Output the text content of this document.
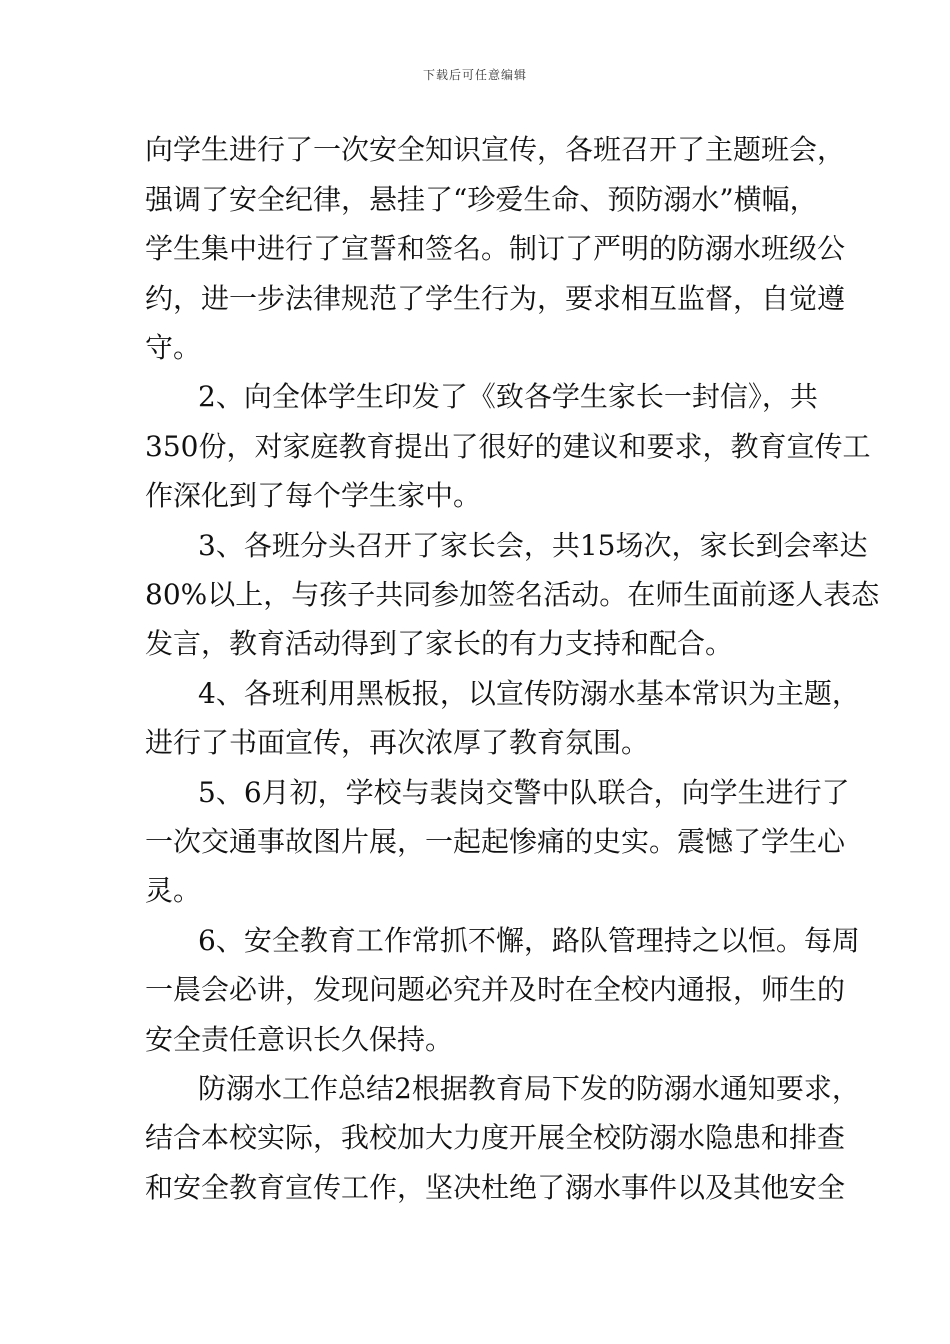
下载后可任意编辑
向学生进行了一次安全知识宣传，各班召开了主题班会，
强调了安全纪律，悬挂了“珍爱生命、预防溺水”横幅，
学生集中进行了宣誓和签名。制订了严明的防溺水班级公
约，进一步法律规范了学生行为，要求相互监督，自觉遵
守。
2、向全体学生印发了《致各学生家长一封信》，共
350份，对家庭教育提出了很好的建议和要求，教育宣传工
作深化到了每个学生家中。
3、各班分头召开了家长会，共15场次，家长到会率达
80%以上，与孩子共同参加签名活动。在师生面前逐人表态
发言，教育活动得到了家长的有力支持和配合。
4、各班利用黑板报，以宣传防溺水基本常识为主题，
进行了书面宣传，再次浓厚了教育氛围。
5、6月初，学校与裴岗交警中队联合，向学生进行了
一次交通事故图片展，一起起惨痛的史实。震憾了学生心
灵。
6、安全教育工作常抓不懈，路队管理持之以恒。每周
一晨会必讲，发现问题必究并及时在全校内通报，师生的
安全责任意识长久保持。
防溺水工作总结2根据教育局下发的防溺水通知要求，
结合本校实际，我校加大力度开展全校防溺水隐患和排查
和安全教育宣传工作，坚决杜绝了溺水事件以及其他安全
